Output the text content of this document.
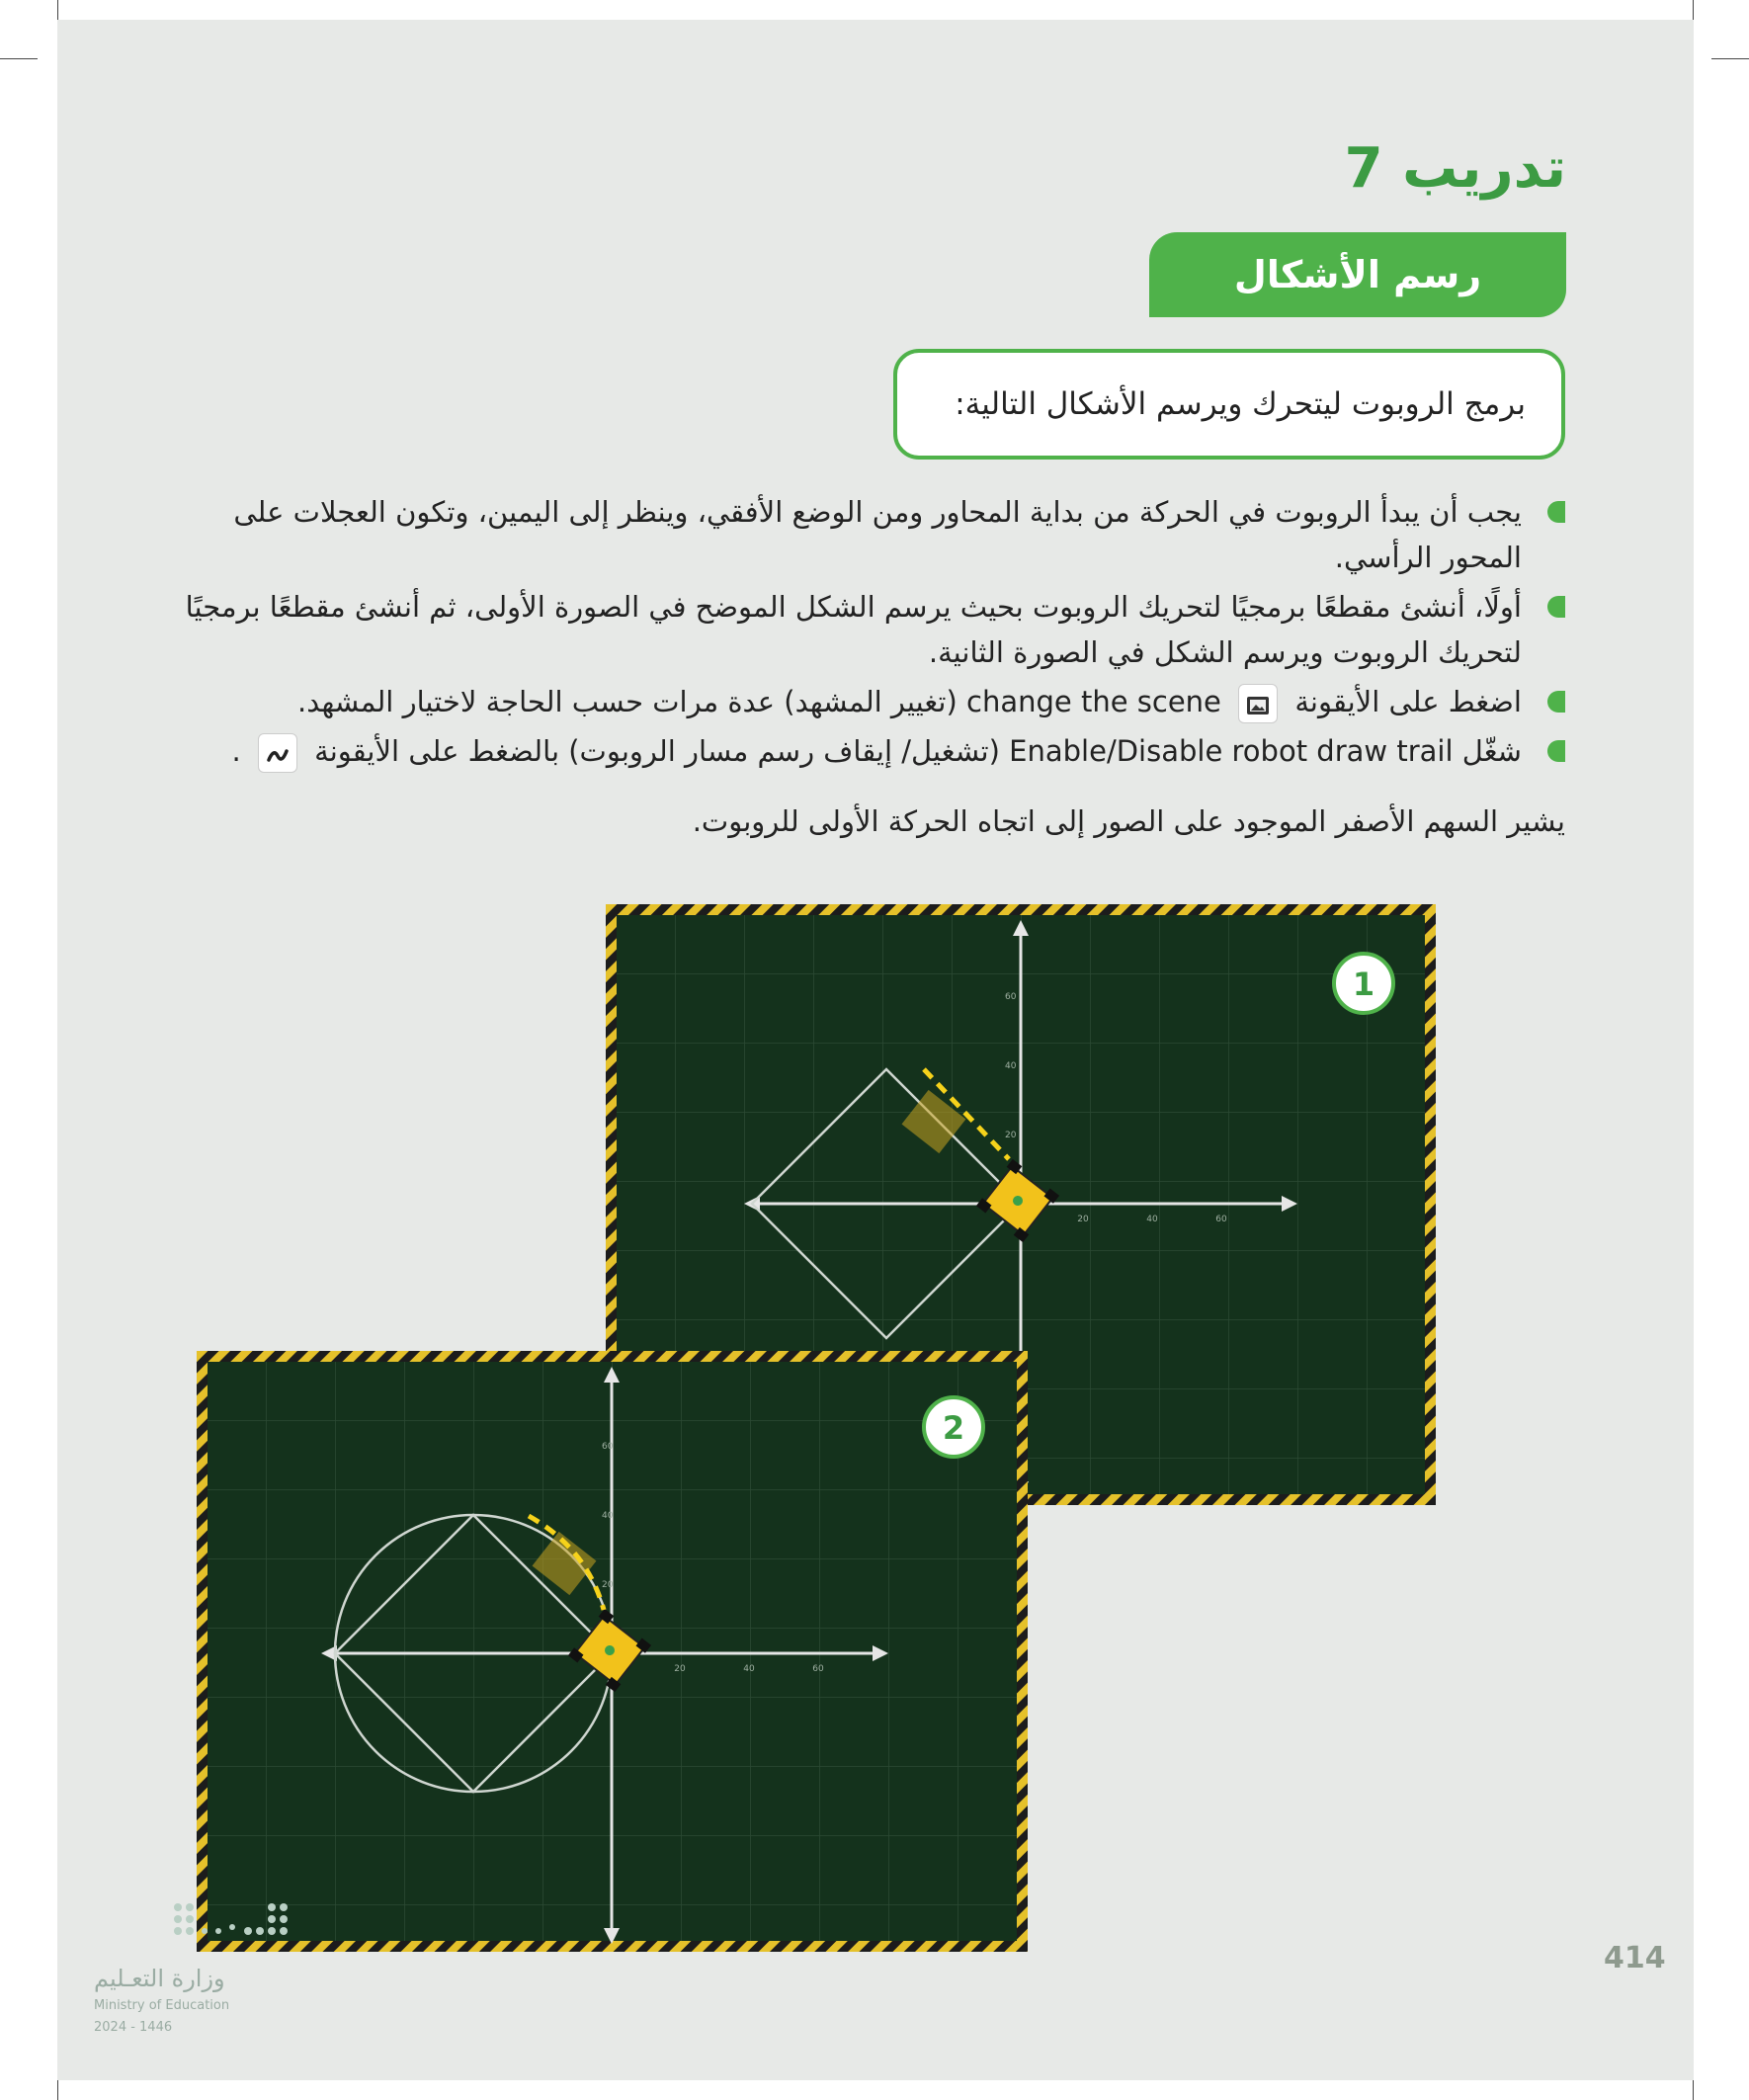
تدريب 7
رسم الأشكال
برمج الروبوت ليتحرك ويرسم الأشكال التالية:
يجب أن يبدأ الروبوت في الحركة من بداية المحاور ومن الوضع الأفقي، وينظر إلى اليمين، وتكون العجلات على المحور الرأسي.
أولًا، أنشئ مقطعًا برمجيًا لتحريك الروبوت بحيث يرسم الشكل الموضح في الصورة الأولى، ثم أنشئ مقطعًا برمجيًا لتحريك الروبوت ويرسم الشكل في الصورة الثانية.
اضغط على الأيقونة  change the scene (تغيير المشهد) عدة مرات حسب الحاجة لاختيار المشهد.
شغّل Enable/Disable robot draw trail (تشغيل/ إيقاف رسم مسار الروبوت) بالضغط على الأيقونة  .

يشير السهم الأصفر الموجود على الصور إلى اتجاه الحركة الأولى للروبوت.

20	40	60
20
40
60	1
20	40	60
20
40
60	2
وزارة التعـليم
Ministry of Education
2024 - 1446
414
